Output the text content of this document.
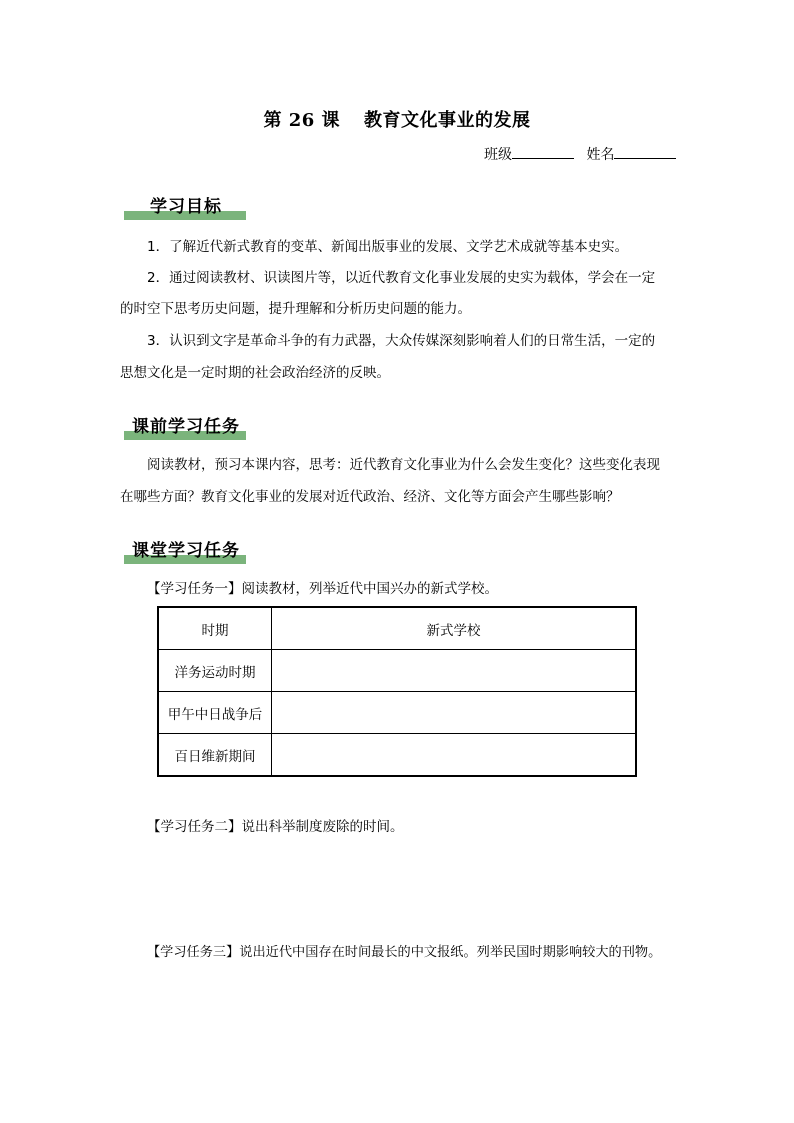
第 26 课 教育文化事业的发展
班级	姓名
学习目标
1．了解近代新式教育的变革、新闻出版事业的发展、文学艺术成就等基本史实。
2．通过阅读教材、识读图片等，以近代教育文化事业发展的史实为载体，学会在一定
的时空下思考历史问题，提升理解和分析历史问题的能力。
3．认识到文字是革命斗争的有力武器，大众传媒深刻影响着人们的日常生活，一定的
思想文化是一定时期的社会政治经济的反映。
课前学习任务
阅读教材，预习本课内容，思考：近代教育文化事业为什么会发生变化？这些变化表现
在哪些方面？教育文化事业的发展对近代政治、经济、文化等方面会产生哪些影响？
课堂学习任务
【学习任务一】阅读教材，列举近代中国兴办的新式学校。
时期	新式学校
洋务运动时期	
甲午中日战争后	
百日维新期间	
【学习任务二】说出科举制度废除的时间。
【学习任务三】说出近代中国存在时间最长的中文报纸。列举民国时期影响较大的刊物。
